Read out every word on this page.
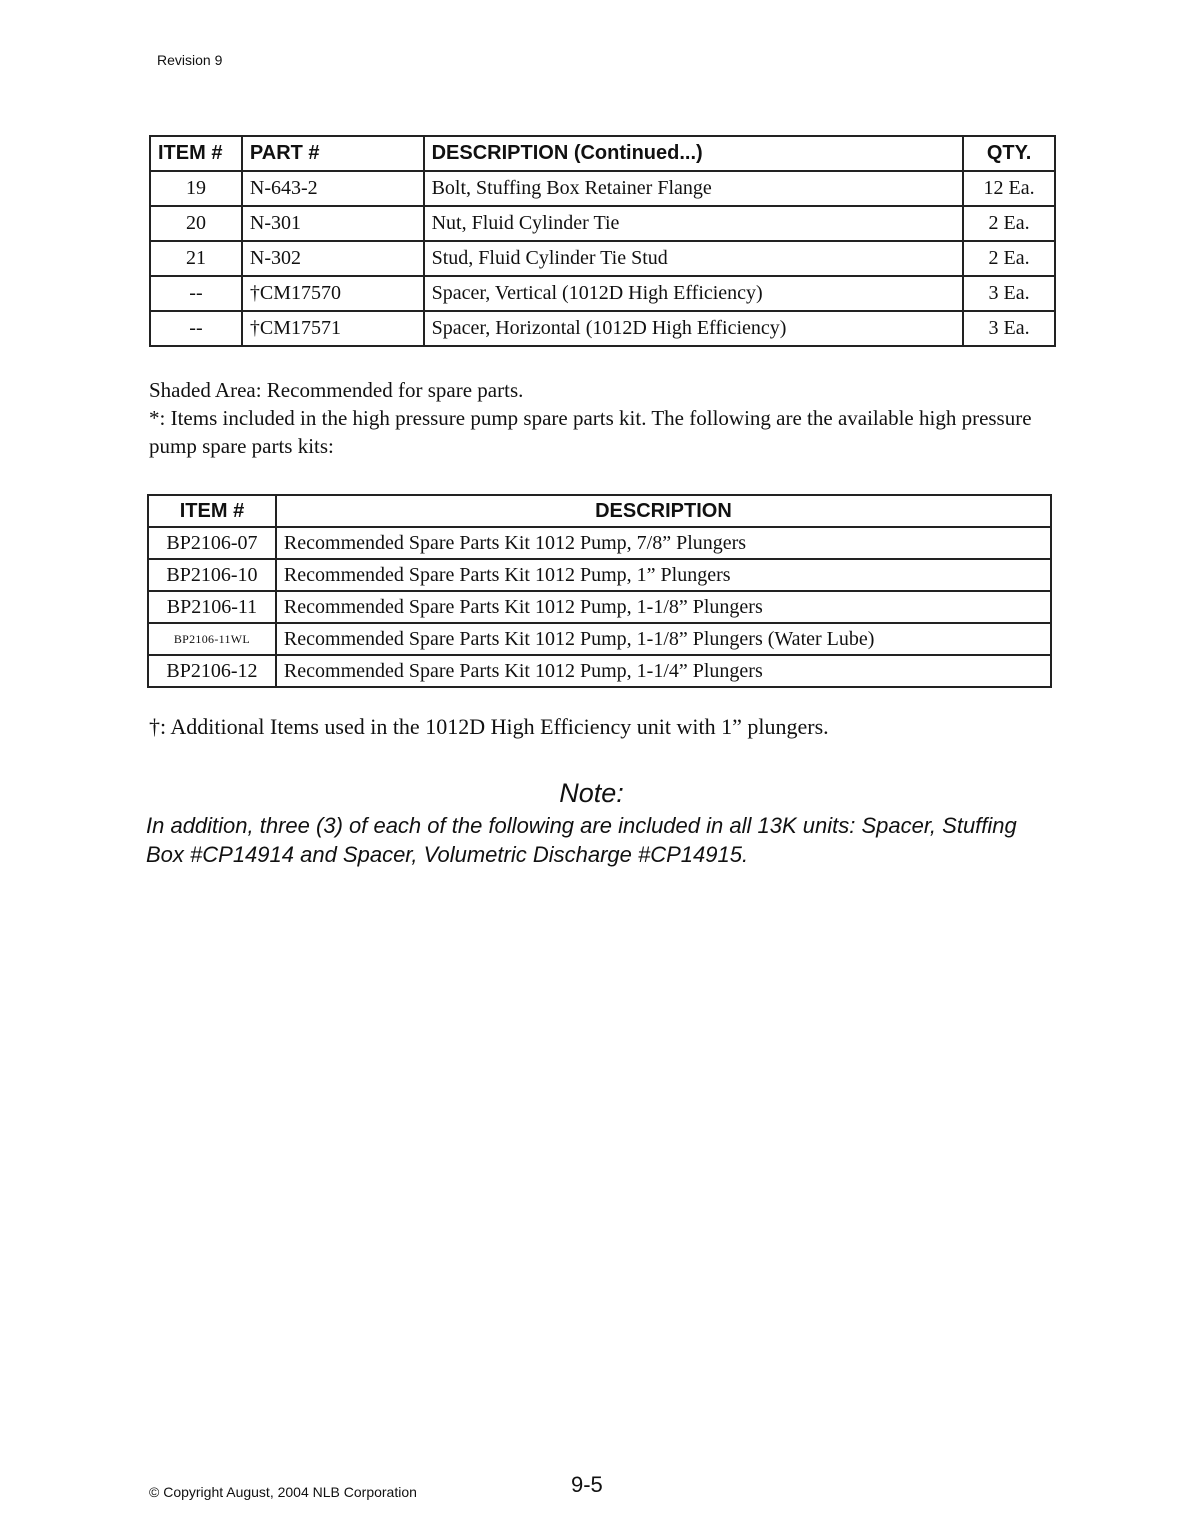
Revision 9
ITEM #	PART #	DESCRIPTION (Continued...)	QTY.
19	N-643-2	Bolt, Stuffing Box Retainer Flange	12 Ea.
20	N-301	Nut, Fluid Cylinder Tie	2 Ea.
21	N-302	Stud, Fluid Cylinder Tie Stud	2 Ea.
--	†CM17570	Spacer, Vertical (1012D High Efficiency)	3 Ea.
--	†CM17571	Spacer, Horizontal (1012D High Efficiency)	3 Ea.

Shaded Area: Recommended for spare parts.

*: Items included in the high pressure pump spare parts kit. The following are the available high pressure pump spare parts kits:

ITEM #	DESCRIPTION
BP2106-07	Recommended Spare Parts Kit 1012 Pump, 7/8” Plungers
BP2106-10	Recommended Spare Parts Kit 1012 Pump, 1” Plungers
BP2106-11	Recommended Spare Parts Kit 1012 Pump, 1-1/8” Plungers
BP2106-11WL	Recommended Spare Parts Kit 1012 Pump, 1-1/8” Plungers (Water Lube)
BP2106-12	Recommended Spare Parts Kit 1012 Pump, 1-1/4” Plungers
†: Additional Items used in the 1012D High Efficiency unit with 1” plungers.
Note:
In addition, three (3) of each of the following are included in all 13K units: Spacer, Stuffing Box #CP14914 and Spacer, Volumetric Discharge #CP14915.
© Copyright August, 2004 NLB Corporation	9-5
